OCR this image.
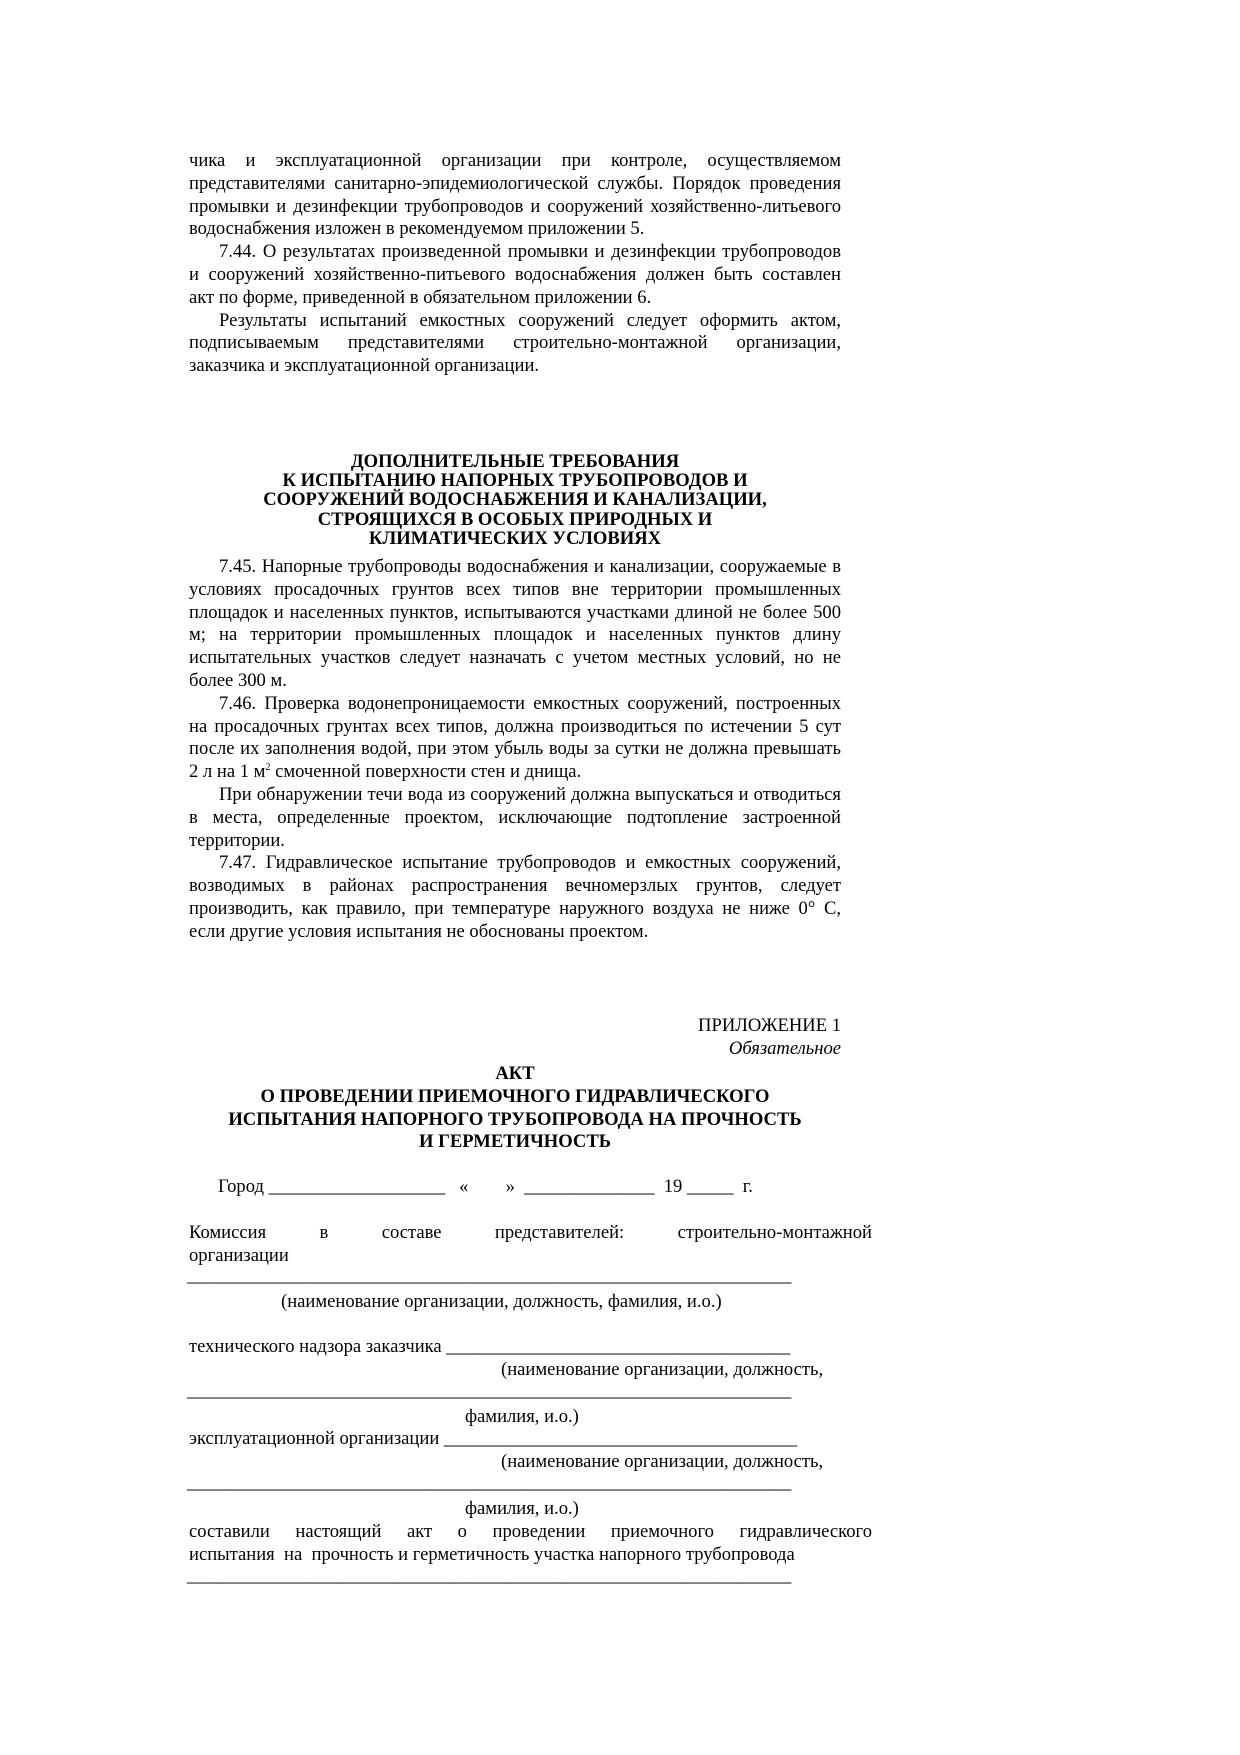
чика и эксплуатационной организации при контроле, осуществляемом представителями санитарно-эпидемиологической службы. Порядок проведения промывки и дезинфекции трубопроводов и сооружений хозяйственно-литьевого водоснабжения изложен в рекомендуемом приложении 5.

7.44. О результатах произведенной промывки и дезинфекции трубопроводов и сооружений хозяйственно-питьевого водоснабжения должен быть составлен акт по форме, приведенной в обязательном приложении 6.

Результаты испытаний емкостных сооружений следует оформить актом, подписываемым представителями строительно-монтажной организации, заказчика и эксплуатационной организации.

ДОПОЛНИТЕЛЬНЫЕ ТРЕБОВАНИЯ

К ИСПЫТАНИЮ НАПОРНЫХ ТРУБОПРОВОДОВ И

СООРУЖЕНИЙ ВОДОСНАБЖЕНИЯ И КАНАЛИЗАЦИИ,

СТРОЯЩИХСЯ В ОСОБЫХ ПРИРОДНЫХ И

КЛИМАТИЧЕСКИХ УСЛОВИЯХ

7.45. Напорные трубопроводы водоснабжения и канализации, сооружаемые в условиях просадочных грунтов всех типов вне территории промышленных площадок и населенных пунктов, испытываются участками длиной не более 500 м; на территории промышленных площадок и населенных пунктов длину испытательных участков следует назначать с учетом местных условий, но не более 300 м.

7.46. Проверка водонепроницаемости емкостных сооружений, построенных на просадочных грунтах всех типов, должна производиться по истечении 5 сут после их заполнения водой, при этом убыль воды за сутки не должна превышать 2 л на 1 $м^2$ смоченной поверхности стен и днища.

При обнаружении течи вода из сооружений должна выпускаться и отводиться в места, определенные проектом, исключающие подтопление застроенной территории.

7.47. Гидравлическое испытание трубопроводов и емкостных сооружений, возводимых в районах распространения вечномерзлых грунтов, следует производить, как правило, при температуре наружного воздуха не ниже 0° С, если другие условия испытания не обоснованы проектом.

ПРИЛОЖЕНИЕ 1

Обязательное

АКТ

О ПРОВЕДЕНИИ ПРИЕМОЧНОГО ГИДРАВЛИЧЕСКОГО

ИСПЫТАНИЯ НАПОРНОГО ТРУБОПРОВОДА НА ПРОЧНОСТЬ

И ГЕРМЕТИЧНОСТЬ

Город ___________________   «        »  ______________  19 _____  г.
Комиссия в составе представителей: строительно-монтажной
организации
_________________________________________________________________
(наименование организации, должность, фамилия, и.о.)
технического надзора заказчика _____________________________________
(наименование организации, должность,
_________________________________________________________________
фамилия, и.о.)
эксплуатационной организации ______________________________________
(наименование организации, должность,
_________________________________________________________________
фамилия, и.о.)
составили настоящий акт о проведении приемочного гидравлического
испытания  на  прочность и герметичность участка напорного трубопровода
_________________________________________________________________
